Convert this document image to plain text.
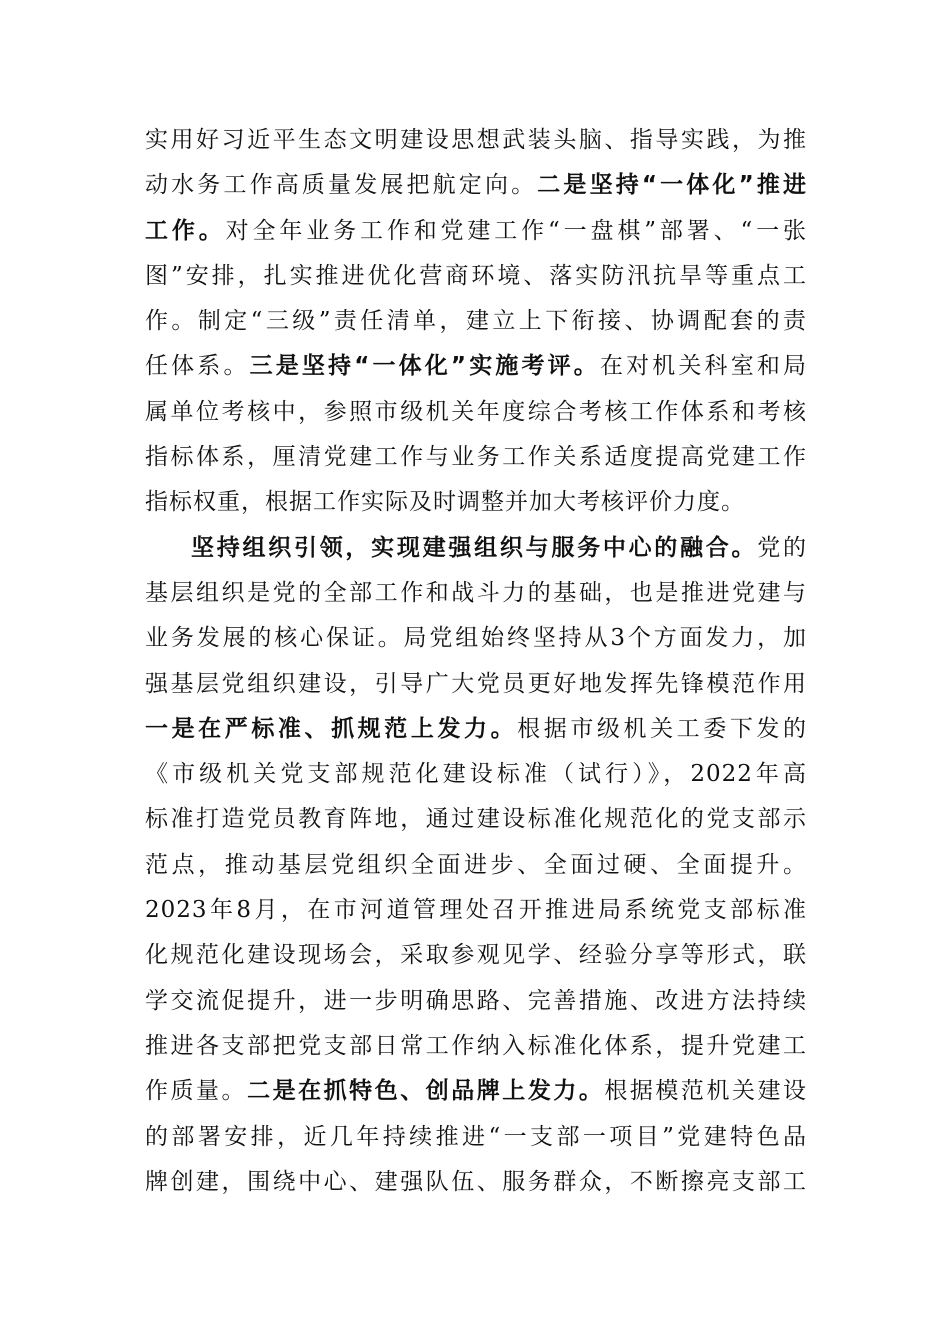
实用好习近平生态文明建设思想武装头脑、指导实践，为推
动水务工作高质量发展把航定向。二是坚持“一体化”推进
工作。对全年业务工作和党建工作“一盘棋”部署、“一张
图”安排，扎实推进优化营商环境、落实防汛抗旱等重点工
作。制定“三级”责任清单，建立上下衔接、协调配套的责
任体系。三是坚持“一体化”实施考评。在对机关科室和局
属单位考核中，参照市级机关年度综合考核工作体系和考核
指标体系，厘清党建工作与业务工作关系适度提高党建工作
指标权重，根据工作实际及时调整并加大考核评价力度。
坚持组织引领，实现建强组织与服务中心的融合。党的
基层组织是党的全部工作和战斗力的基础，也是推进党建与
业务发展的核心保证。局党组始终坚持从3个方面发力，加
强基层党组织建设，引导广大党员更好地发挥先锋模范作用
一是在严标准、抓规范上发力。根据市级机关工委下发的
《市级机关党支部规范化建设标准（试行）》，2022年高
标准打造党员教育阵地，通过建设标准化规范化的党支部示
范点，推动基层党组织全面进步、全面过硬、全面提升。
2023年8月，在市河道管理处召开推进局系统党支部标准
化规范化建设现场会，采取参观见学、经验分享等形式，联
学交流促提升，进一步明确思路、完善措施、改进方法持续
推进各支部把党支部日常工作纳入标准化体系，提升党建工
作质量。二是在抓特色、创品牌上发力。根据模范机关建设
的部署安排，近几年持续推进“一支部一项目”党建特色品
牌创建，围绕中心、建强队伍、服务群众，不断擦亮支部工
